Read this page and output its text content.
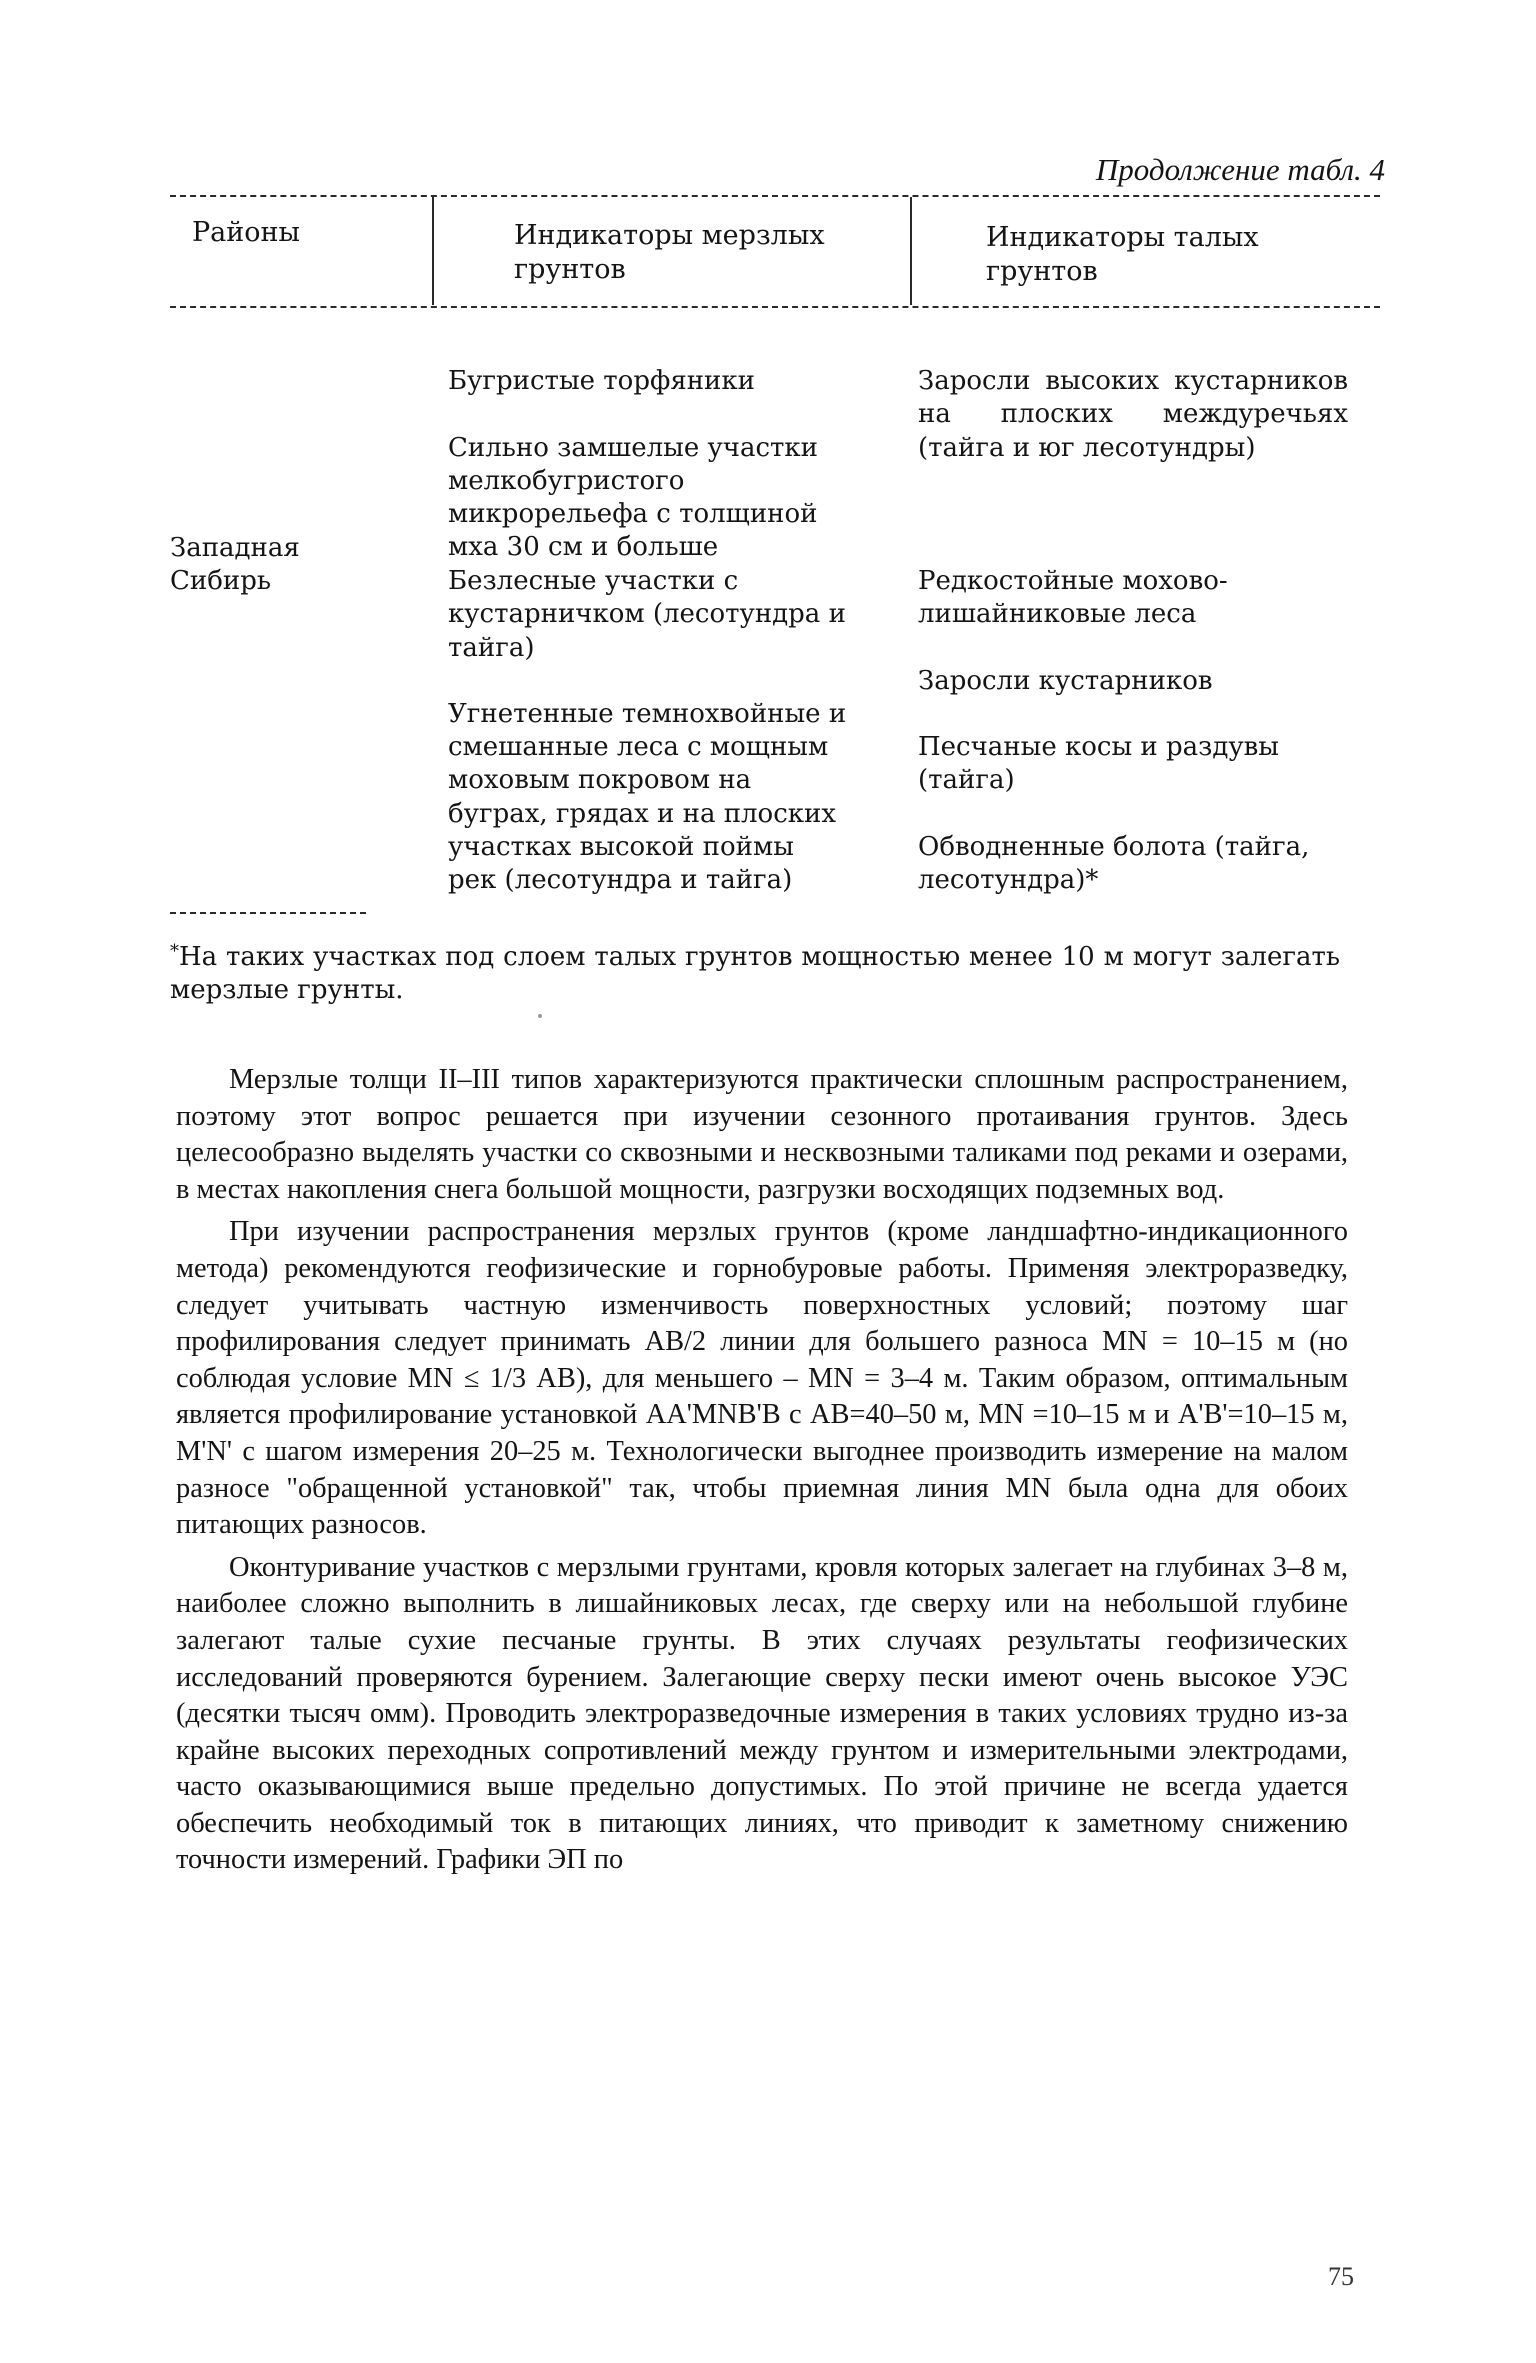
Продолжение табл. 4
Районы	Индикаторы мерзлых грунтов
Индикаторы талых грунтов

Бугристые торфяники

Сильно замшелые участки мелкобугристого микрорельефа с толщиной мха 30 см и больше

Заросли высоких кустарников на плоских междуречьях (тайга и юг лесотундры)

Западная Сибирь	Безлесные участки с кустарничком (лесотундра и тайга)

Угнетенные темнохвойные и смешанные леса с мощным моховым покровом на буграх, грядах и на плоских участках высокой поймы рек (лесотундра и тайга)

Редкостойные мохово-лишайниковые леса

Заросли кустарников

Песчаные косы и раздувы (тайга)

Обводненные болота (тайга, лесотундра)*

*На таких участках под слоем талых грунтов мощностью менее 10 м могут залегать мерзлые грунты.

Мерзлые толщи II–III типов характеризуются практически сплошным распространением, поэтому этот вопрос решается при изучении сезонного протаивания грунтов. Здесь целесообразно выделять участки со сквозными и несквозными таликами под реками и озерами, в местах накопления снега большой мощности, разгрузки восходящих подземных вод.

При изучении распространения мерзлых грунтов (кроме ландшафтно-индикационного метода) рекомендуются геофизические и горнобуровые работы. Применяя электроразведку, следует учитывать частную изменчивость поверхностных условий; поэтому шаг профилирования следует принимать АВ/2 линии для большего разноса MN = 10–15 м (но соблюдая условие MN ≤ 1/3 АВ), для меньшего – MN = 3–4 м. Таким образом, оптимальным является профилирование установкой АА'MNВ'В с АВ=40–50 м, MN =10–15 м и А'В'=10–15 м, M'N' с шагом измерения 20–25 м. Технологически выгоднее производить измерение на малом разносе "обращенной установкой" так, чтобы приемная линия MN была одна для обоих питающих разносов.

Оконтуривание участков с мерзлыми грунтами, кровля которых залегает на глубинах 3–8 м, наиболее сложно выполнить в лишайниковых лесах, где сверху или на небольшой глубине залегают талые сухие песчаные грунты. В этих случаях результаты геофизических исследований проверяются бурением. Залегающие сверху пески имеют очень высокое УЭС (десятки тысяч омм). Проводить электроразведочные измерения в таких условиях трудно из-за крайне высоких переходных сопротивлений между грунтом и измерительными электродами, часто оказывающимися выше предельно допустимых. По этой причине не всегда удается обеспечить необходимый ток в питающих линиях, что приводит к заметному снижению точности измерений. Графики ЭП по

75
